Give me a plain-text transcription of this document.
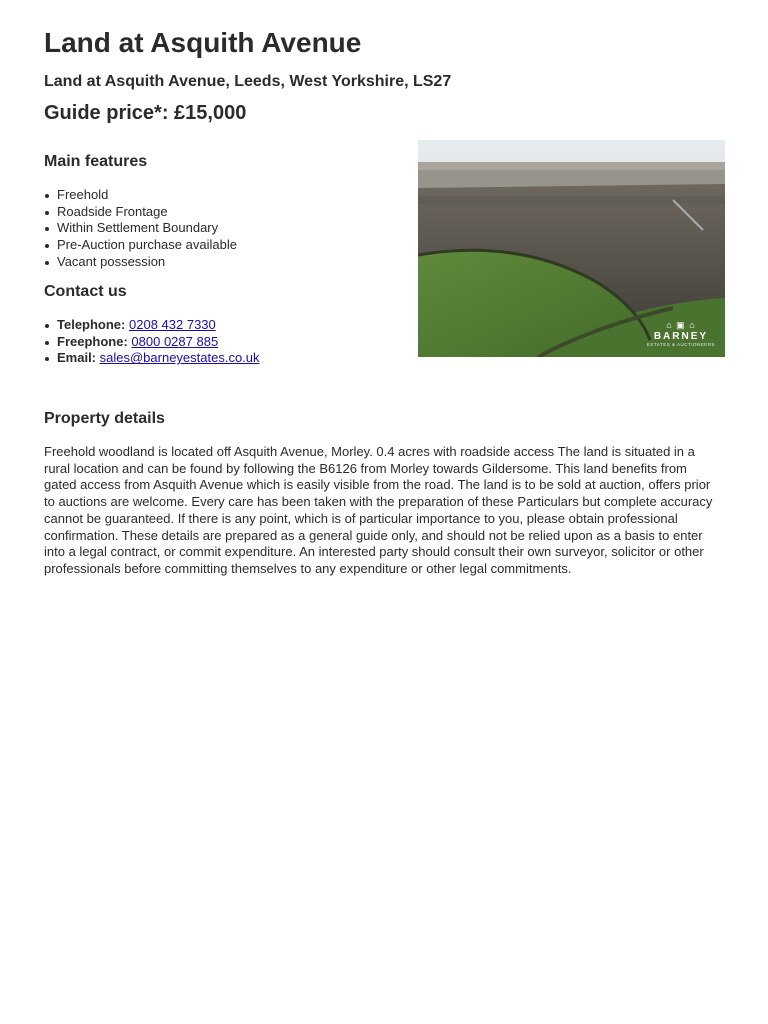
Land at Asquith Avenue

Land at Asquith Avenue, Leeds, West Yorkshire, LS27

Guide price*: £15,000

Main features
Freehold
Roadside Frontage
Within Settlement Boundary
Pre-Auction purchase available
Vacant possession
Contact us
Telephone: 0208 432 7330
Freephone: 0800 0287 885
Email: sales@barneyestates.co.uk
⌂ ▣ ⌂
BARNEY
ESTATES & AUCTIONEERS
Property details

Freehold woodland is located off Asquith Avenue, Morley. 0.4 acres with roadside access The land is situated in a rural location and can be found by following the B6126 from Morley towards Gildersome. This land benefits from gated access from Asquith Avenue which is easily visible from the road. The land is to be sold at auction, offers prior to auctions are welcome. Every care has been taken with the preparation of these Particulars but complete accuracy cannot be guaranteed. If there is any point, which is of particular importance to you, please obtain professional confirmation. These details are prepared as a general guide only, and should not be relied upon as a basis to enter into a legal contract, or commit expenditure. An interested party should consult their own surveyor, solicitor or other professionals before committing themselves to any expenditure or other legal commitments.
